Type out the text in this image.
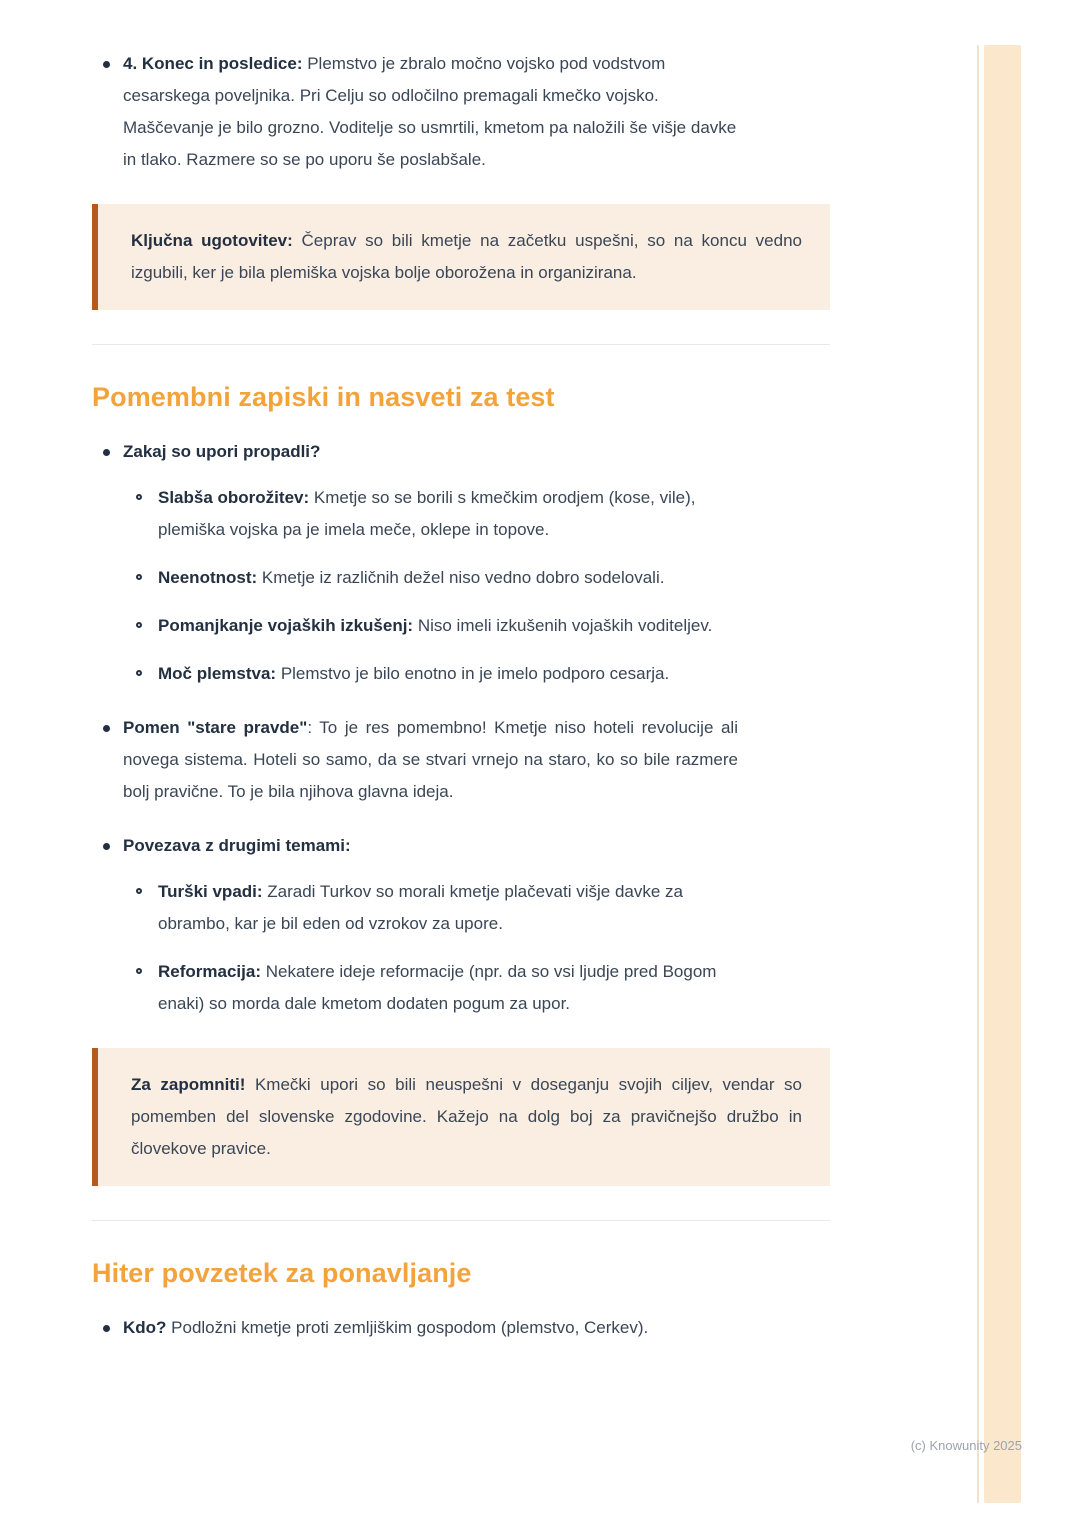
4. Konec in posledice: Plemstvo je zbralo močno vojsko pod vodstvom cesarskega poveljnika. Pri Celju so odločilno premagali kmečko vojsko. Maščevanje je bilo grozno. Voditelje so usmrtili, kmetom pa naložili še višje davke in tlako. Razmere so se po uporu še poslabšale.

Ključna ugotovitev: Čeprav so bili kmetje na začetku uspešni, so na koncu vedno izgubili, ker je bila plemiška vojska bolje oborožena in organizirana.

Pomembni zapiski in nasveti za test

Zakaj so upori propadli?

Slabša oborožitev: Kmetje so se borili s kmečkim orodjem (kose, vile), plemiška vojska pa je imela meče, oklepe in topove.

Neenotnost: Kmetje iz različnih dežel niso vedno dobro sodelovali.

Pomanjkanje vojaških izkušenj: Niso imeli izkušenih vojaških voditeljev.

Moč plemstva: Plemstvo je bilo enotno in je imelo podporo cesarja.

Pomen "stare pravde": To je res pomembno! Kmetje niso hoteli revolucije ali novega sistema. Hoteli so samo, da se stvari vrnejo na staro, ko so bile razmere bolj pravične. To je bila njihova glavna ideja.

Povezava z drugimi temami:

Turški vpadi: Zaradi Turkov so morali kmetje plačevati višje davke za obrambo, kar je bil eden od vzrokov za upore.

Reformacija: Nekatere ideje reformacije (npr. da so vsi ljudje pred Bogom enaki) so morda dale kmetom dodaten pogum za upor.

Za zapomniti! Kmečki upori so bili neuspešni v doseganju svojih ciljev, vendar so pomemben del slovenske zgodovine. Kažejo na dolg boj za pravičnejšo družbo in človekove pravice.

Hiter povzetek za ponavljanje

Kdo? Podložni kmetje proti zemljiškim gospodom (plemstvo, Cerkev).

(c) Knowunity 2025
